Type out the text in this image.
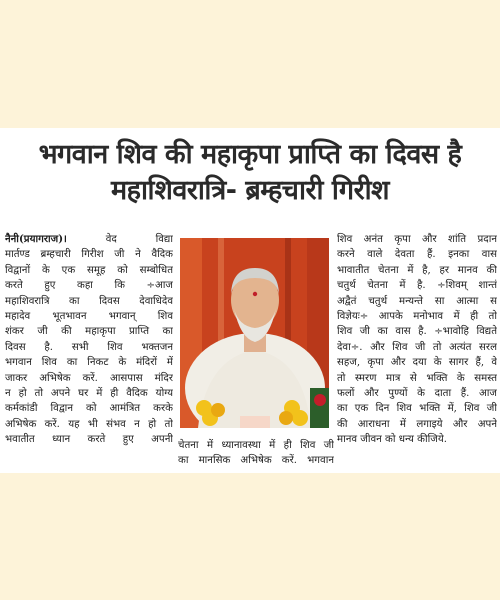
भगवान शिव की महाकृपा प्राप्ति का दिवस है
महाशिवरात्रि- ब्रम्हचारी गिरीश
नैनी(प्रयागराज)।	वेद विद्या
मार्तण्ड ब्रम्हचारी गिरीश जी ने वैदिक
विद्वानों के एक समूह को सम्बोधित
करते हुए कहा कि ÷आज
महाशिवरात्रि का दिवस देवाधिदेव
महादेव भूतभावन भगवान् शिव
शंकर जी की महाकृपा प्राप्ति का
दिवस है. सभी शिव भक्तजन
भगवान शिव का निकट के मंदिरों में
जाकर अभिषेक करें. आसपास मंदिर
न हो तो अपने घर में ही वैदिक योग्य
कर्मकांडी विद्वान को आमंत्रित करके
अभिषेक करें. यह भी संभव न हो तो
भवातीत ध्यान करते हुए अपनी
चेतना में ध्यानावस्था में ही शिव जी
का मानसिक अभिषेक करें. भगवान
शिव अनंत कृपा और शांति प्रदान
करने वाले देवता हैं. इनका वास
भावातीत चेतना में है, हर मानव की
चतुर्थ चेतना में है. ÷शिवम् शान्तं
अद्वैतं चतुर्थ मन्यन्ते सा आत्मा स
विज्ञेयः÷ आपके मनोभाव में ही तो
शिव जी का वास है. ÷भावोहि विद्यते
देवा÷. और शिव जी तो अत्यंत सरल
सहज, कृपा और दया के सागर हैं, वे
तो स्मरण मात्र से भक्ति के समस्त
फलों और पुण्यों के दाता हैं. आज
का एक दिन शिव भक्ति में, शिव जी
की आराधना में लगाइये और अपने
मानव जीवन को धन्य कीजिये.
